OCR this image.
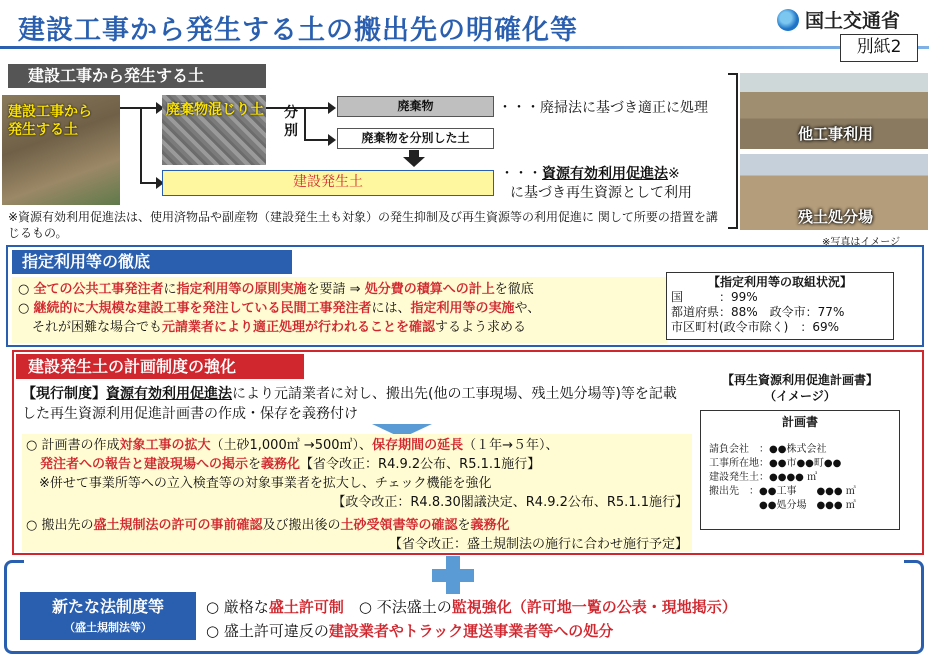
建設工事から発生する土の搬出先の明確化等	国土交通省
別紙2
建設工事から発生する土
建設工事から
発生する土
廃棄物混じり土 分別
廃棄物
廃棄物を分別した土
建設発生土
・・・廃掃法に基づき適正に処理
・・・資源有効利用促進法※
に基づき再生資源として利用
他工事利用
残土処分場
※資源有効利用促進法は、使用済物品や副産物（建設発生土も対象）の発生抑制及び再生資源等の利用促進に 関して所要の措置を講じるもの。
※写真はイメージ
指定利用等の徹底
○ 全ての公共工事発注者に指定利用等の原則実施を要請 ⇒ 処分費の積算への計上を徹底
○ 継続的に大規模な建設工事を発注している民間工事発注者には、指定利用等の実施や、
それが困難な場合でも元請業者により適正処理が行われることを確認するよう求める
【指定利用等の取組状況】
国　　　：99%
都道府県：88%　政令市：77%
市区町村(政令市除く)　：69%
建設発生土の計画制度の強化
【現行制度】資源有効利用促進法により元請業者に対し、搬出先(他の工事現場、残土処分場等)等を記載した再生資源利用促進計画書の作成・保存を義務付け
○ 計画書の作成対象工事の拡大（土砂1,000㎥ →500㎥）、保存期間の延長（１年→５年）、
発注者への報告と建設現場への掲示を義務化【省令改正：R4.9.2公布、R5.1.1施行】
　※併せて事業所等への立入検査等の対象事業者を拡大し、チェック機能を強化
【政令改正：R4.8.30閣議決定、R4.9.2公布、R5.1.1施行】
○ 搬出先の盛土規制法の許可の事前確認及び搬出後の土砂受領書等の確認を義務化
【省令改正：盛土規制法の施行に合わせ施行予定】
【再生資源利用促進計画書】
（イメージ）
計画書
請負会社　：●●株式会社
工事所在地：●●市●●町●●
建設発生土：●●●● ㎥
搬出先　：●●工事　　●●● ㎥
　　　　　●●処分場　●●● ㎥
新たな法制度等
（盛土規制法等）
○ 厳格な盛土許可制　○ 不法盛土の監視強化（許可地一覧の公表・現地掲示）
○ 盛土許可違反の建設業者やトラック運送事業者等への処分
